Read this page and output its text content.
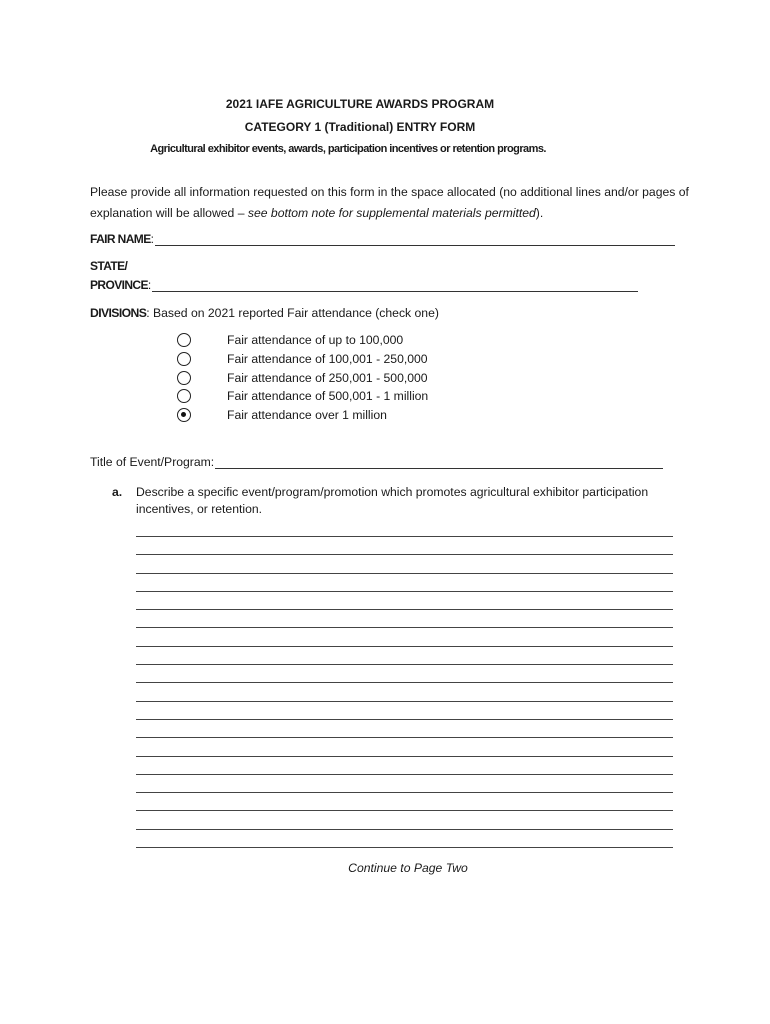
2021 IAFE AGRICULTURE AWARDS PROGRAM
CATEGORY 1 (Traditional) ENTRY FORM
Agricultural exhibitor events, awards, participation incentives or retention programs.
Please provide all information requested on this form in the space allocated (no additional lines and/or pages of explanation will be allowed – see bottom note for supplemental materials permitted).
FAIR NAME :
STATE/
PROVINCE :
DIVISIONS: Based on 2021 reported Fair attendance (check one)
Fair attendance of up to 100,000
Fair attendance of 100,001 - 250,000
Fair attendance of 250,001 - 500,000
Fair attendance of 500,001 - 1 million
Fair attendance over 1 million
Title of Event/Program:
a. Describe a specific event/program/promotion which promotes agricultural exhibitor participation incentives, or retention.
Continue to Page Two
